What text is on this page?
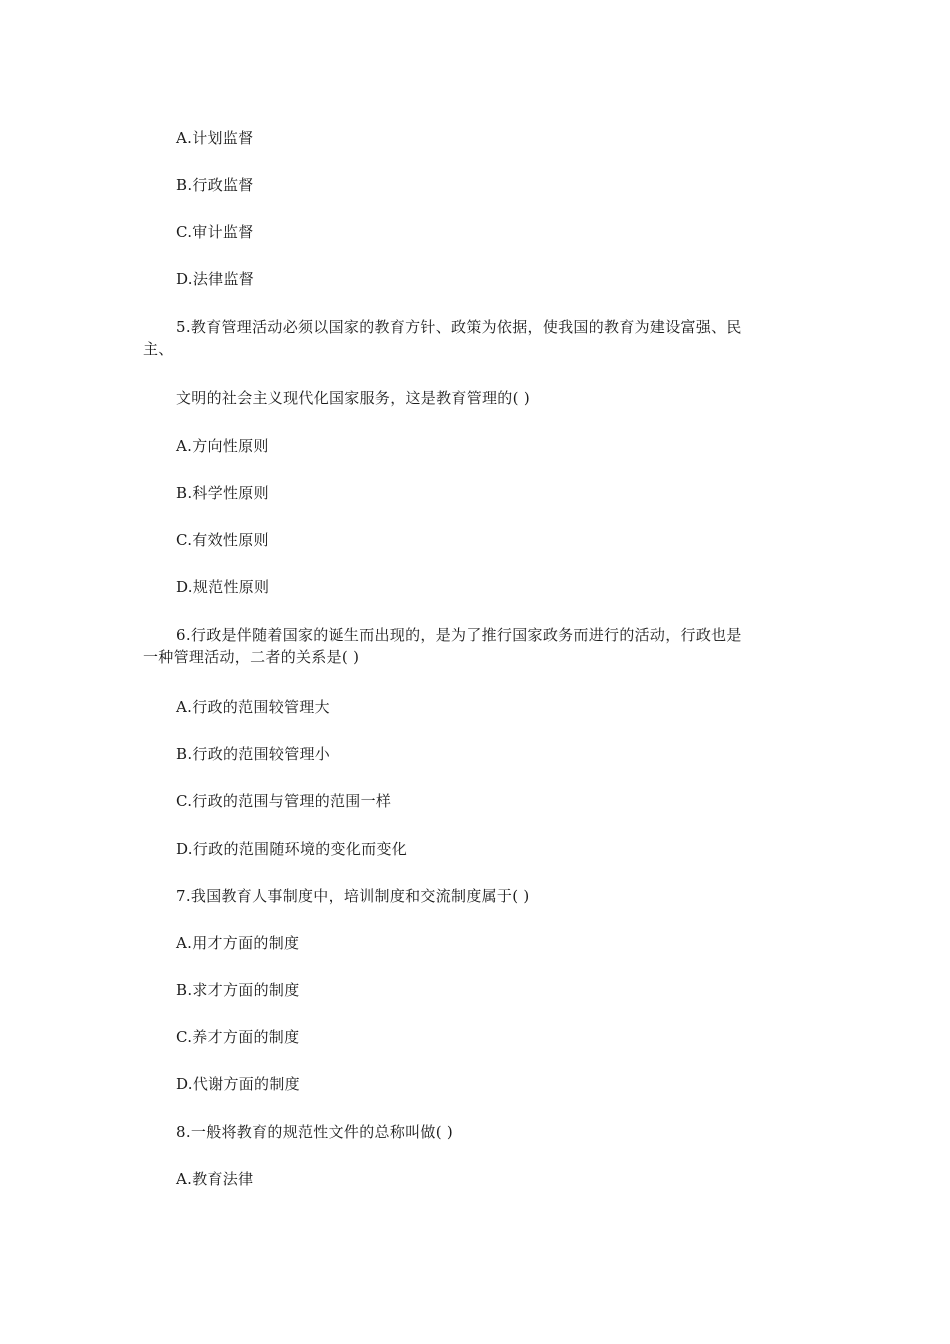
A.计划监督
B.行政监督
C.审计监督
D.法律监督
5.教育管理活动必须以国家的教育方针、政策为依据，使我国的教育为建设富强、民
主、
文明的社会主义现代化国家服务，这是教育管理的( )
A.方向性原则
B.科学性原则
C.有效性原则
D.规范性原则
6.行政是伴随着国家的诞生而出现的，是为了推行国家政务而进行的活动，行政也是
一种管理活动，二者的关系是( )
A.行政的范围较管理大
B.行政的范围较管理小
C.行政的范围与管理的范围一样
D.行政的范围随环境的变化而变化
7.我国教育人事制度中，培训制度和交流制度属于( )
A.用才方面的制度
B.求才方面的制度
C.养才方面的制度
D.代谢方面的制度
8.一般将教育的规范性文件的总称叫做( )
A.教育法律
